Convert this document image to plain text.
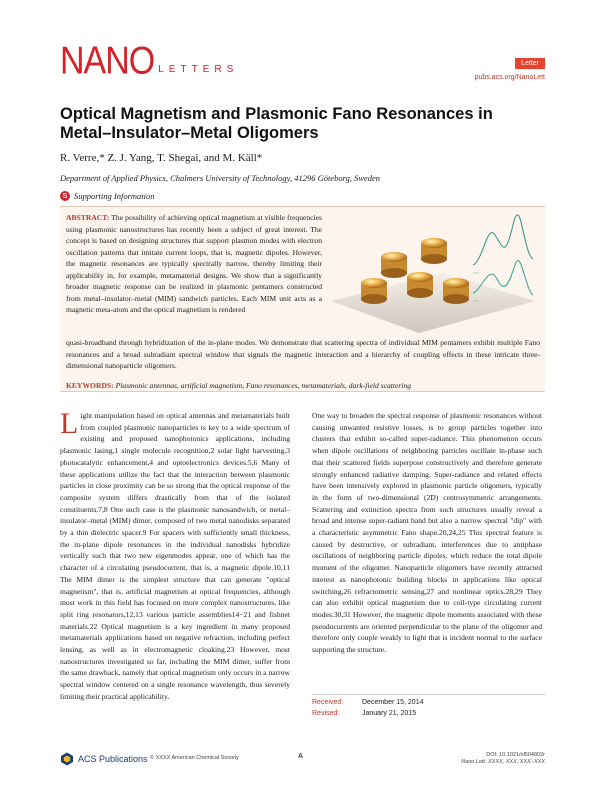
NANO LETTERS
Letter
pubs.acs.org/NanoLett
Optical Magnetism and Plasmonic Fano Resonances in Metal–Insulator–Metal Oligomers
R. Verre,* Z. J. Yang, T. Shegai, and M. Käll*
Department of Applied Physics, Chalmers University of Technology, 41296 Göteborg, Sweden
S Supporting Information
ABSTRACT: The possibility of achieving optical magnetism at visible frequencies using plasmonic nanostructures has recently been a subject of great interest. The concept is based on designing structures that support plasmon modes with electron oscillation patterns that imitate current loops, that is, magnetic dipoles. However, the magnetic resonances are typically spectrally narrow, thereby limiting their applicability in, for example, metamaterial designs. We show that a significantly broader magnetic response can be realized in plasmonic pentamers constructed from metal–insulator–metal (MIM) sandwich particles. Each MIM unit acts as a magnetic meta-atom and the optical magnetism is rendered
quasi-broadband through hybridization of the in-plane modes. We demonstrate that scattering spectra of individual MIM pentamers exhibit multiple Fano resonances and a broad subradiant spectral window that signals the magnetic interaction and a hierarchy of coupling effects in these intricate three-dimensional nanoparticle oligomers.
KEYWORDS: Plasmonic antennas, artificial magnetism, Fano resonances, metamaterials, dark-field scattering
L ight manipulation based on optical antennas and metamaterials built from coupled plasmonic nanoparticles is key to a wide spectrum of existing and proposed nanophotonics applications, including plasmonic lasing,1 single molecule recognition,2 solar light harvesting,3 photocatalytic enhancement,4 and optoelectronics devices.5,6 Many of these applications utilize the fact that the interaction between plasmonic particles in close proximity can be so strong that the optical response of the composite system differs drastically from that of the isolated constituents.7,8 One such case is the plasmonic nanosandwich, or metal–insulator–metal (MIM) dimer, composed of two metal nanodisks separated by a thin dielectric spacer.9 For spacers with sufficiently small thickness, the in-plane dipole resonances in the individual nanodisks hybridize vertically such that two new eigenmodes appear, one of which has the character of a circulating pseudocurrent, that is, a magnetic dipole.10,11 The MIM dimer is the simplest structure that can generate "optical magnetism", that is, artificial magnetism at optical frequencies, although most work in this field has focused on more complex nanostructures, like split ring resonators,12,13 various particle assemblies14−21 and fishnet materials.22 Optical magnetism is a key ingredient in many proposed metamaterials applications based on negative refraction, including perfect lensing, as well as in electromagnetic cloaking.23 However, most nanostructures investigated so far, including the MIM dimer, suffer from the same drawback, namely that optical magnetism only occurs in a narrow spectral window centered on a single resonance wavelength, thus severely limiting their practical applicability.
One way to broaden the spectral response of plasmonic resonances without causing unwanted resistive losses, is to group particles together into clusters that exhibit so-called super-radiance. This phenomenon occurs when dipole oscillations of neighboring particles oscillate in-phase such that their scattered fields superpose constructively and therefore generate strongly enhanced radiative damping. Super-radiance and related effects have been intensively explored in plasmonic particle oligomers, typically in the form of two-dimensional (2D) centrosymmetric arrangements. Scattering and extinction spectra from such structures usually reveal a broad and intense super-radiant band but also a narrow spectral "dip" with a characteristic asymmetric Fano shape.20,24,25 This spectral feature is caused by destructive, or subradiant, interferences due to antiphase oscillations of neighboring particle dipoles, which reduce the total dipole moment of the oligomer. Nanoparticle oligomers have recently attracted interest as nanophotonic building blocks in applications like optical switching,26 refractometric sensing,27 and nonlinear optics.28,29 They can also exhibit optical magnetism due to coil-type circulating current modes.30,31 However, the magnetic dipole moments associated with these pseudocurrents are oriented perpendicular to the plane of the oligomer and therefore only couple weakly to light that is incident normal to the surface supporting the structure.
Received:	December 15, 2014
Revised:	January 21, 2015
ACS Publications © XXXX American Chemical Society	A	DOI: 10.1021/nl504802r
Nano Lett. XXXX, XXX, XXX−XXX
